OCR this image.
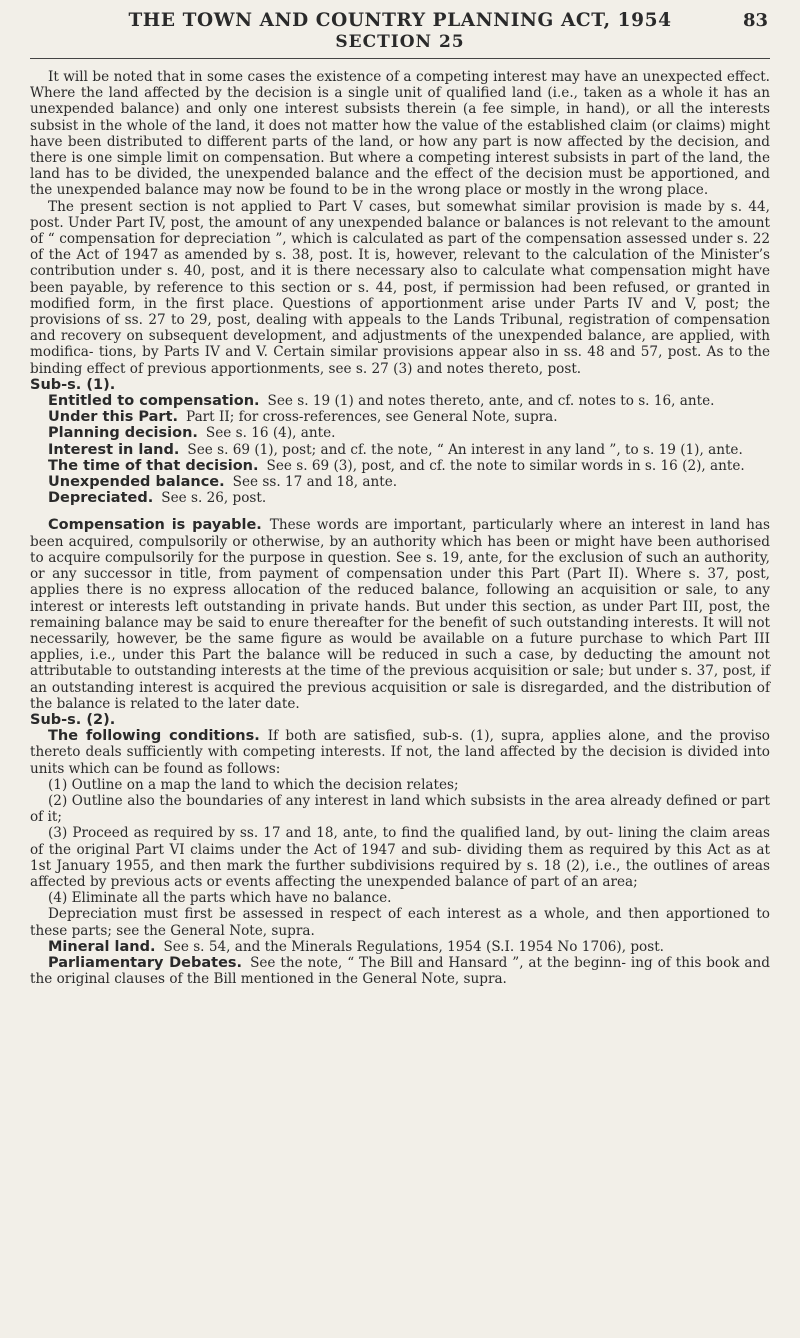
THE TOWN AND COUNTRY PLANNING ACT, 1954	83
SECTION 25

It will be noted that in some cases the existence of a competing interest may have an unexpected effect. Where the land affected by the decision is a single unit of qualified land (i.e., taken as a whole it has an unexpended balance) and only one interest subsists therein (a fee simple, in hand), or all the interests subsist in the whole of the land, it does not matter how the value of the established claim (or claims) might have been distributed to different parts of the land, or how any part is now affected by the decision, and there is one simple limit on compensation. But where a competing interest subsists in part of the land, the land has to be divided, the unexpended balance and the effect of the decision must be apportioned, and the unexpended balance may now be found to be in the wrong place or mostly in the wrong place.

The present section is not applied to Part V cases, but somewhat similar provision is made by s. 44, post. Under Part IV, post, the amount of any unexpended balance or balances is not relevant to the amount of “ compensation for depreciation ”, which is calculated as part of the compensation assessed under s. 22 of the Act of 1947 as amended by s. 38, post. It is, however, relevant to the calculation of the Minister’s contribution under s. 40, post, and it is there necessary also to calculate what compensation might have been payable, by reference to this section or s. 44, post, if permission had been refused, or granted in modified form, in the first place. Questions of apportionment arise under Parts IV and V, post; the provisions of ss. 27 to 29, post, dealing with appeals to the Lands Tribunal, registration of compensation and recovery on subsequent development, and adjustments of the unexpended balance, are applied, with modifica- tions, by Parts IV and V. Certain similar provisions appear also in ss. 48 and 57, post. As to the binding effect of previous apportionments, see s. 27 (3) and notes thereto, post.

Sub-s. (1).

Entitled to compensation. See s. 19 (1) and notes thereto, ante, and cf. notes to s. 16, ante.

Under this Part. Part II; for cross-references, see General Note, supra.

Planning decision. See s. 16 (4), ante.

Interest in land. See s. 69 (1), post; and cf. the note, “ An interest in any land ”, to s. 19 (1), ante.

The time of that decision. See s. 69 (3), post, and cf. the note to similar words in s. 16 (2), ante.

Unexpended balance. See ss. 17 and 18, ante.

Depreciated. See s. 26, post.

Compensation is payable. These words are important, particularly where an interest in land has been acquired, compulsorily or otherwise, by an authority which has been or might have been authorised to acquire compulsorily for the purpose in question. See s. 19, ante, for the exclusion of such an authority, or any successor in title, from payment of compensation under this Part (Part II). Where s. 37, post, applies there is no express allocation of the reduced balance, following an acquisition or sale, to any interest or interests left outstanding in private hands. But under this section, as under Part III, post, the remaining balance may be said to enure thereafter for the benefit of such outstanding interests. It will not necessarily, however, be the same figure as would be available on a future purchase to which Part III applies, i.e., under this Part the balance will be reduced in such a case, by deducting the amount not attributable to outstanding interests at the time of the previous acquisition or sale; but under s. 37, post, if an outstanding interest is acquired the previous acquisition or sale is disregarded, and the distribution of the balance is related to the later date.

Sub-s. (2).

The following conditions. If both are satisfied, sub-s. (1), supra, applies alone, and the proviso thereto deals sufficiently with competing interests. If not, the land affected by the decision is divided into units which can be found as follows:

(1) Outline on a map the land to which the decision relates;

(2) Outline also the boundaries of any interest in land which subsists in the area already defined or part of it;

(3) Proceed as required by ss. 17 and 18, ante, to find the qualified land, by out- lining the claim areas of the original Part VI claims under the Act of 1947 and sub- dividing them as required by this Act as at 1st January 1955, and then mark the further subdivisions required by s. 18 (2), i.e., the outlines of areas affected by previous acts or events affecting the unexpended balance of part of an area;

(4) Eliminate all the parts which have no balance.

Depreciation must first be assessed in respect of each interest as a whole, and then apportioned to these parts; see the General Note, supra.

Mineral land. See s. 54, and the Minerals Regulations, 1954 (S.I. 1954 No 1706), post.

Parliamentary Debates. See the note, “ The Bill and Hansard ”, at the beginn- ing of this book and the original clauses of the Bill mentioned in the General Note, supra.
